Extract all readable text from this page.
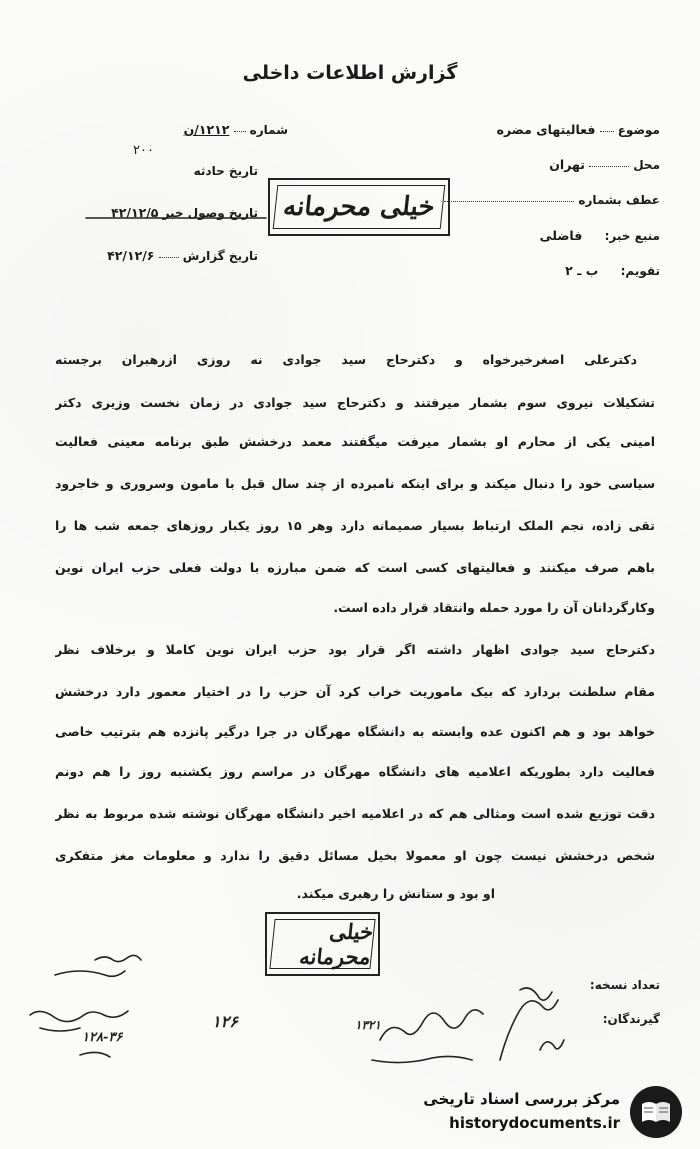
گزارش اطلاعات داخلی
موضوع  فعالیتهای مضره
محل  تهران
عطف بشماره
منبع خبر:  فاضلی
تقویم:  ب ـ ۲
شماره  ۱۲۱۲/ن
۲۰۰
تاریخ حادثه
تاریخ وصول خبر ۴۲/۱۲/۵
تاریخ گزارش  ۴۲/۱۲/۶
خیلی محرمانه
دکترعلی اصغرخیرخواه و دکترحاج سید جوادی نه روزی ازرهبران برجسته
تشکیلات نیروی سوم بشمار میرفتند و دکترحاج سید جوادی در زمان نخست وزیری دکتر
امینی یکی از محارم او بشمار میرفت میگفتند معمد درخشش طبق برنامه معینی فعالیت
سیاسی خود را دنبال میکند و برای اینکه نامبرده از چند سال قبل با مامون وسروری و خاجرود
تقی زاده، نجم الملک ارتباط بسیار صمیمانه دارد وهر ۱۵ روز یکبار روزهای جمعه شب ها را
باهم صرف میکنند و فعالیتهای کسی است که ضمن مبارزه با دولت فعلی حزب ایران نوین
وکارگردانان آن را مورد حمله وانتقاد قرار داده است.
دکترحاج سید جوادی اظهار داشته اگر قرار بود حزب ایران نوین کاملا و برخلاف نظر
مقام سلطنت بردارد که بیک ماموریت خراب کرد آن حزب را در اختیار معمور دارد درخشش
خواهد بود و هم اکنون عده وابسته به دانشگاه مهرگان در جرا درگیر پانزده هم بترتیب خاصی
فعالیت دارد بطوریکه اعلامیه های دانشگاه مهرگان در مراسم روز یکشنبه روز را هم دونم
دقت توزیع شده است ومثالی هم که در اعلامیه اخیر دانشگاه مهرگان نوشته شده مربوط به نظر
شخص درخشش نیست چون او معمولا بخیل مسائل دقیق را ندارد و معلومات مغز متفکری
او بود و ستانش را رهبری میکند.
خیلی محرمانه
تعداد نسخه:
گیرندگان:
۱۲۶	۱۳۲۱
۱۲۸-۳۶
مرکز بررسی اسناد تاریخی
historydocuments.ir
